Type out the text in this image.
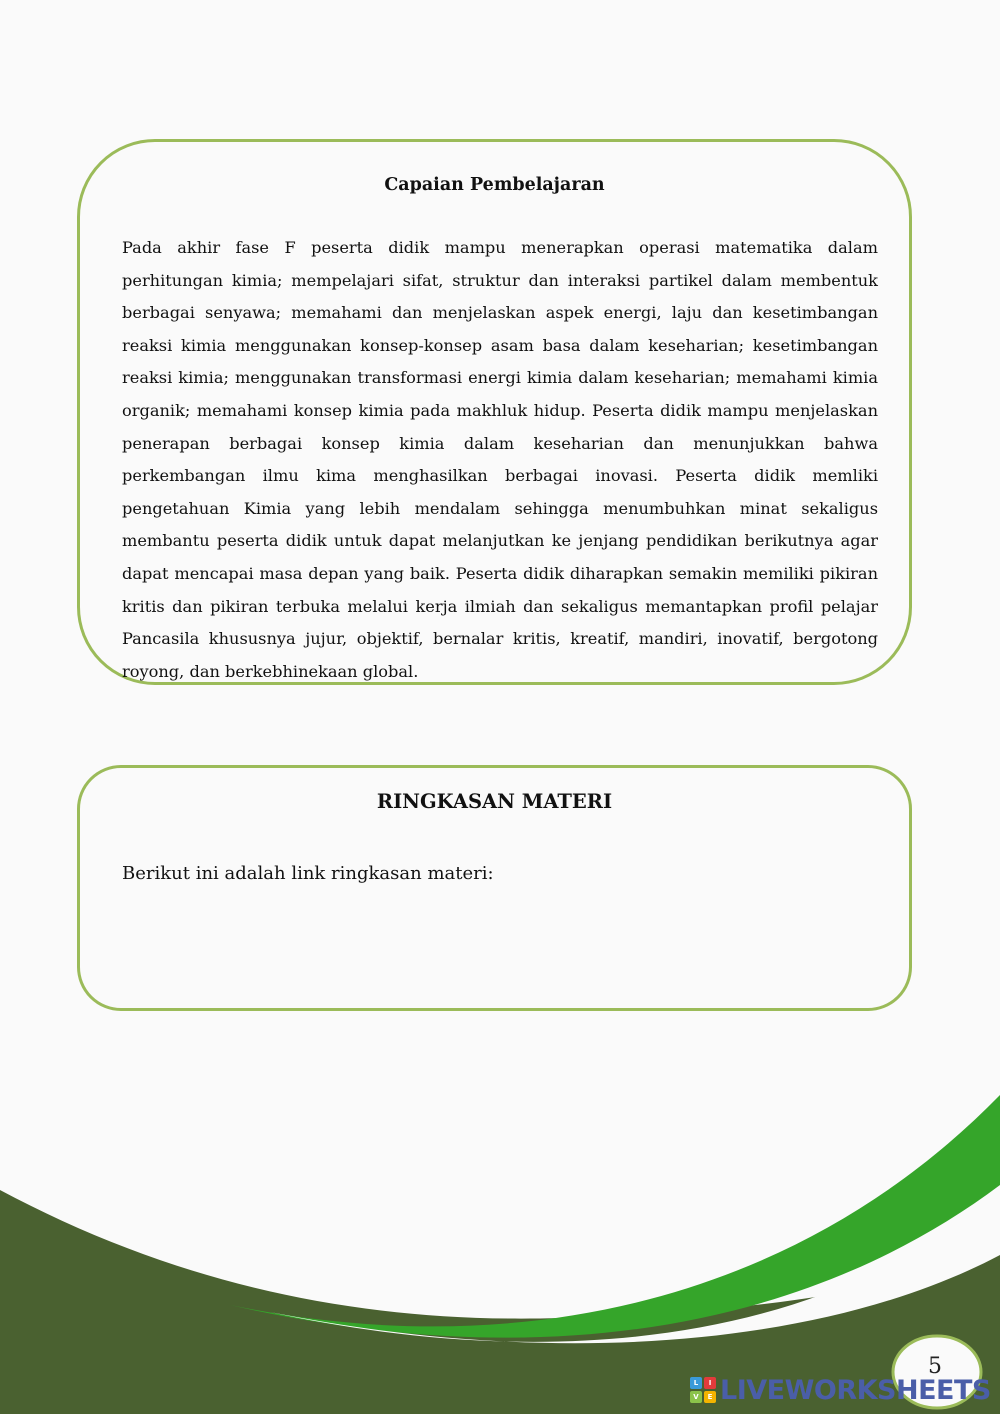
Capaian Pembelajaran

Pada akhir fase F peserta didik mampu menerapkan operasi matematika dalam perhitungan kimia; mempelajari sifat, struktur dan interaksi partikel dalam membentuk berbagai senyawa; memahami dan menjelaskan aspek energi, laju dan kesetimbangan reaksi kimia menggunakan konsep-konsep asam basa dalam keseharian; kesetimbangan reaksi kimia; menggunakan transformasi energi kimia dalam keseharian; memahami kimia organik; memahami konsep kimia pada makhluk hidup. Peserta didik mampu menjelaskan penerapan berbagai konsep kimia dalam keseharian dan menunjukkan bahwa perkembangan ilmu kima menghasilkan berbagai inovasi. Peserta didik memliki pengetahuan Kimia yang lebih mendalam sehingga menumbuhkan minat sekaligus membantu peserta didik untuk dapat melanjutkan ke jenjang pendidikan berikutnya agar dapat mencapai masa depan yang baik. Peserta didik diharapkan semakin memiliki pikiran kritis dan pikiran terbuka melalui kerja ilmiah dan sekaligus memantapkan profil pelajar Pancasila khususnya jujur, objektif, bernalar kritis, kreatif, mandiri, inovatif, bergotong royong, dan berkebhinekaan global.

RINGKASAN MATERI

Berikut ini adalah link ringkasan materi:

5
L	I
V	E LIVEWORKSHEETS
